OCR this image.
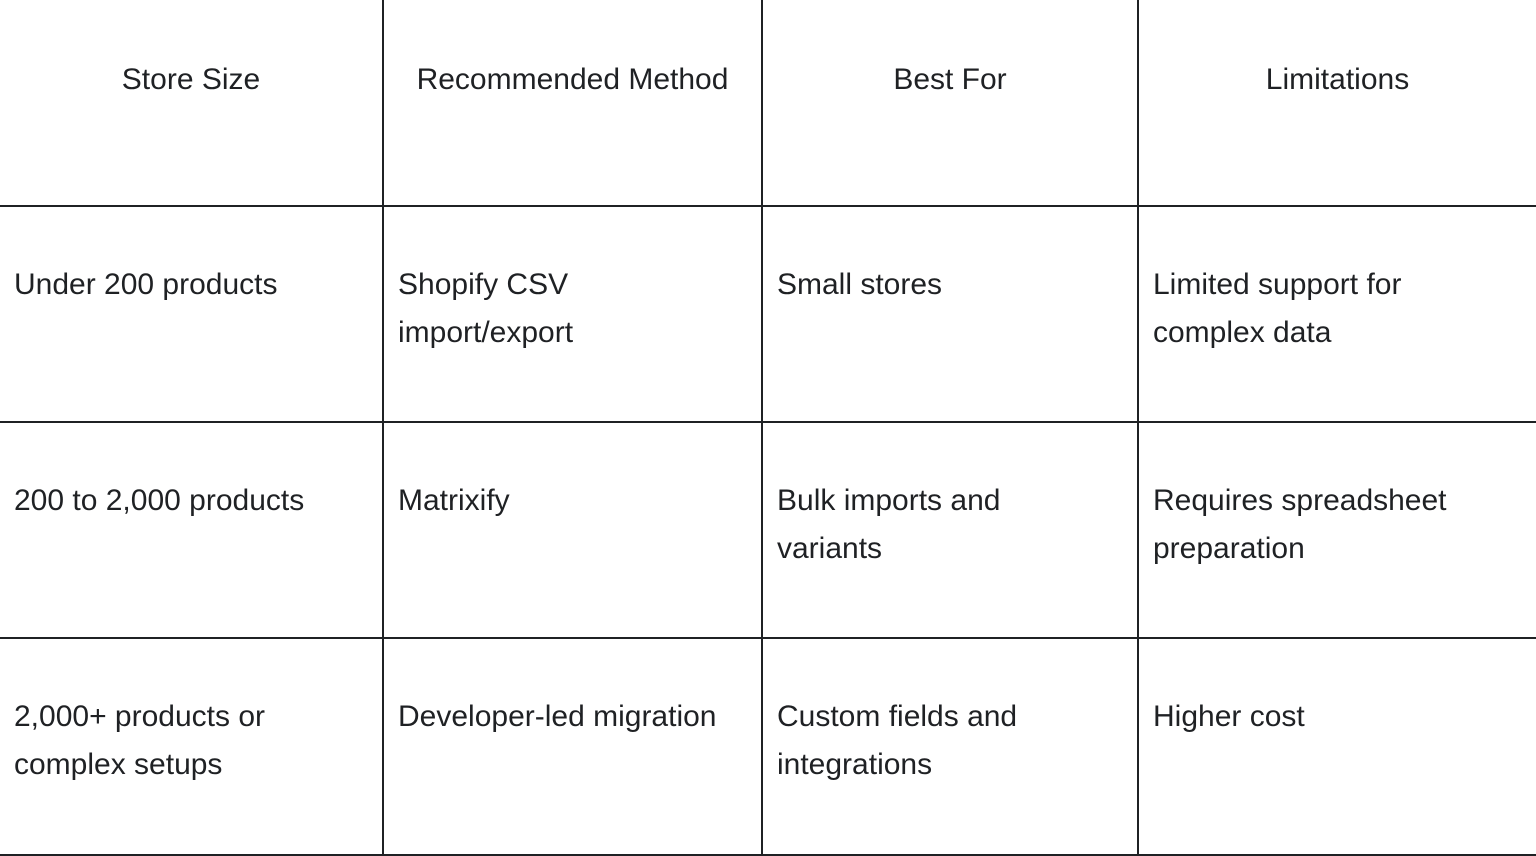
Store Size	Recommended Method	Best For	Limitations

Under 200 products	Shopify CSV import/export	Small stores	Limited support for complex data

200 to 2,000 products	Matrixify	Bulk imports and variants	Requires spreadsheet preparation

2,000+ products or complex setups	Developer-led migration	Custom fields and integrations	Higher cost
